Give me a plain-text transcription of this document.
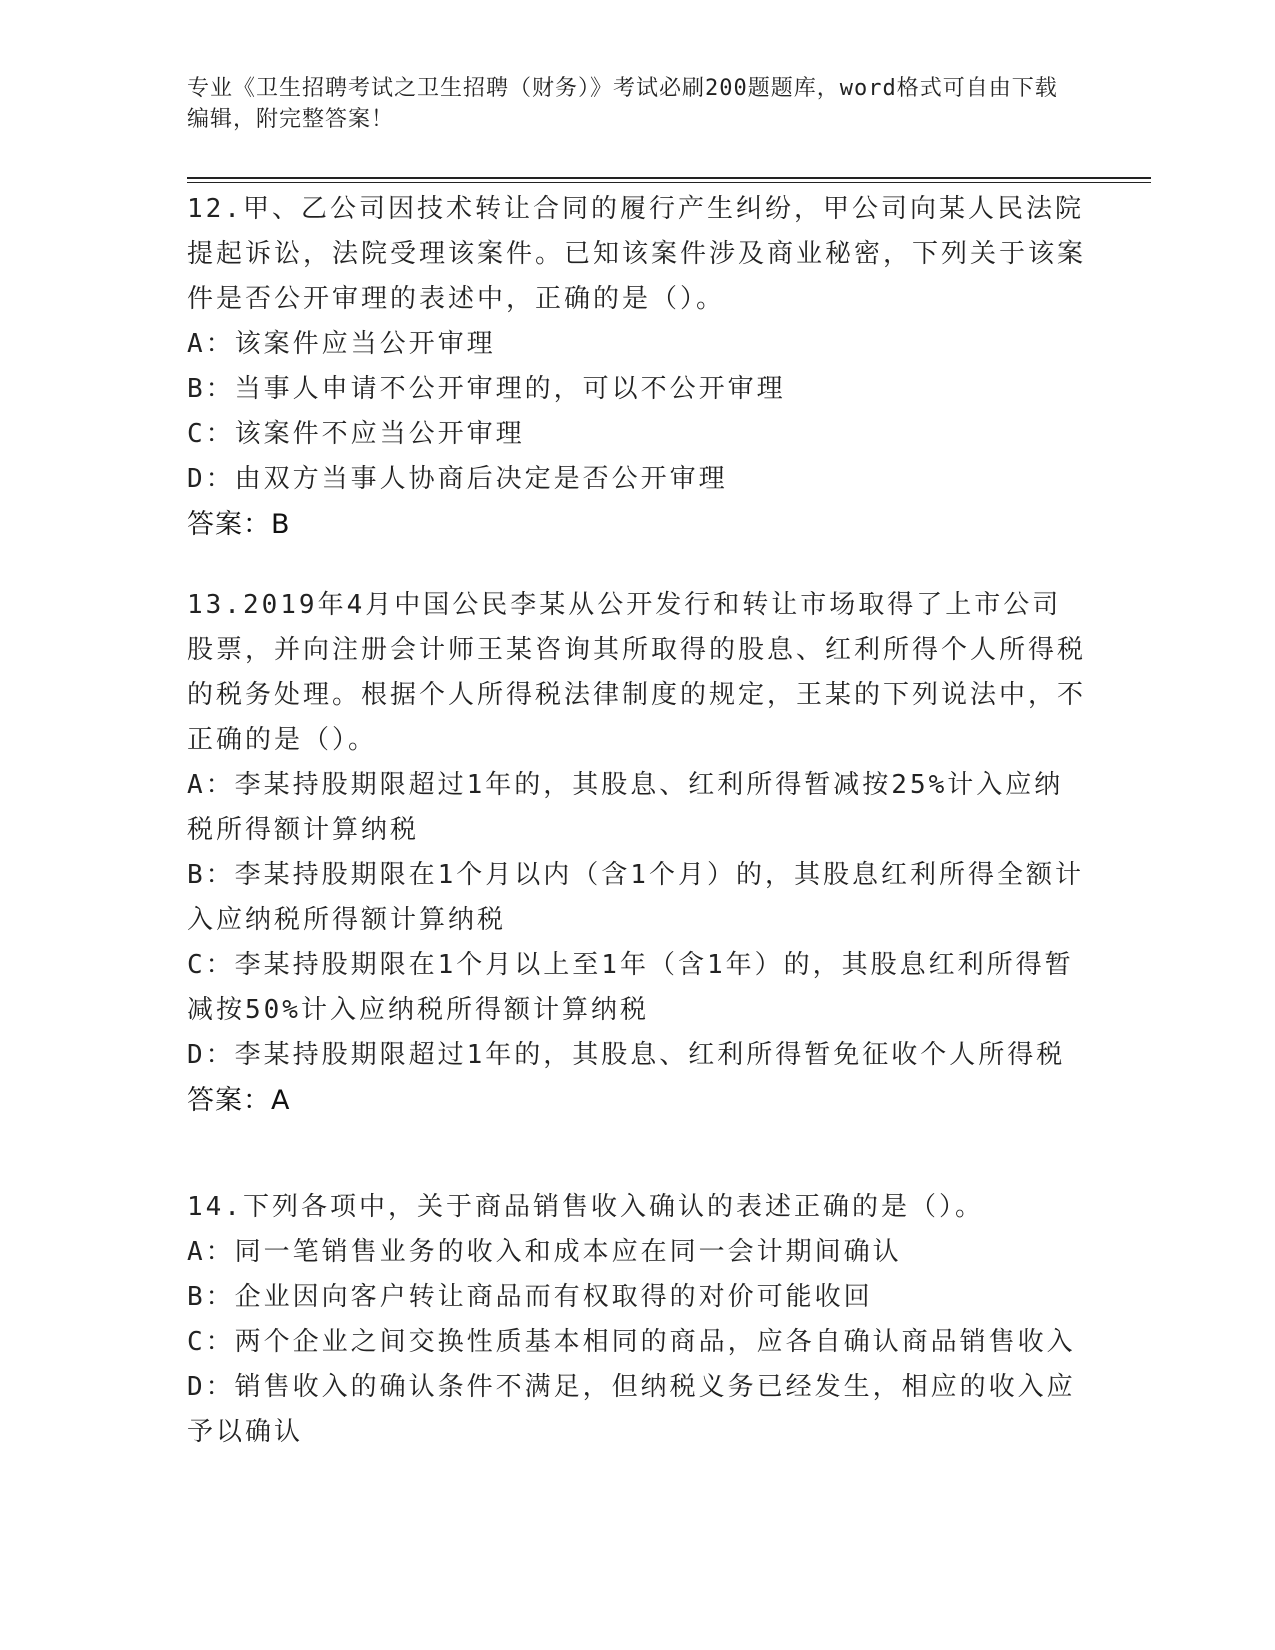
专业《卫生招聘考试之卫生招聘（财务）》考试必刷200题题库，word格式可自由下载编辑，附完整答案！

12.甲、乙公司因技术转让合同的履行产生纠纷，甲公司向某人民法院提起诉讼，法院受理该案件。已知该案件涉及商业秘密，下列关于该案件是否公开审理的表述中，正确的是（）。

A：该案件应当公开审理

B：当事人申请不公开审理的，可以不公开审理

C：该案件不应当公开审理

D：由双方当事人协商后决定是否公开审理

答案：B

13.2019年4月中国公民李某从公开发行和转让市场取得了上市公司股票，并向注册会计师王某咨询其所取得的股息、红利所得个人所得税的税务处理。根据个人所得税法律制度的规定，王某的下列说法中，不正确的是（）。

A：李某持股期限超过1年的，其股息、红利所得暂减按25%计入应纳税所得额计算纳税

B：李某持股期限在1个月以内（含1个月）的，其股息红利所得全额计入应纳税所得额计算纳税

C：李某持股期限在1个月以上至1年（含1年）的，其股息红利所得暂减按50%计入应纳税所得额计算纳税

D：李某持股期限超过1年的，其股息、红利所得暂免征收个人所得税

答案：A

14.下列各项中，关于商品销售收入确认的表述正确的是（）。

A：同一笔销售业务的收入和成本应在同一会计期间确认

B：企业因向客户转让商品而有权取得的对价可能收回

C：两个企业之间交换性质基本相同的商品，应各自确认商品销售收入

D：销售收入的确认条件不满足，但纳税义务已经发生，相应的收入应予以确认
